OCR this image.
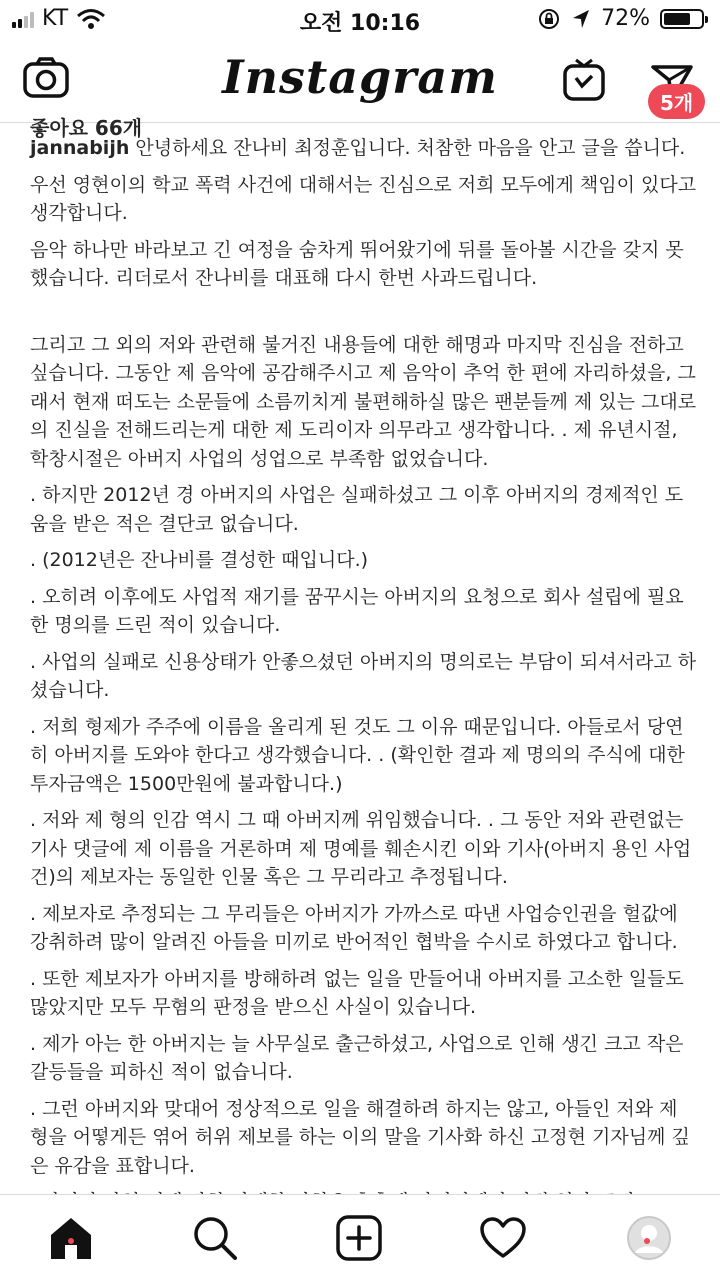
KT	오전 10:16	72%
Instagram	5개
좋아요 66개

jannabijh 안녕하세요 잔나비 최정훈입니다. 처참한 마음을 안고 글을 씁니다.

우선 영현이의 학교 폭력 사건에 대해서는 진심으로 저희 모두에게 책임이 있다고 생각합니다.

음악 하나만 바라보고 긴 여정을 숨차게 뛰어왔기에 뒤를 돌아볼 시간을 갖지 못했습니다. 리더로서 잔나비를 대표해 다시 한번 사과드립니다.

그리고 그 외의 저와 관련해 불거진 내용들에 대한 해명과 마지막 진심을 전하고 싶습니다. 그동안 제 음악에 공감해주시고 제 음악이 추억 한 편에 자리하셨을, 그래서 현재 떠도는 소문들에 소름끼치게 불편해하실 많은 팬분들께 제 있는 그대로의 진실을 전해드리는게 대한 제 도리이자 의무라고 생각합니다. . 제 유년시절, 학창시절은 아버지 사업의 성업으로 부족함 없었습니다.

. 하지만 2012년 경 아버지의 사업은 실패하셨고 그 이후 아버지의 경제적인 도움을 받은 적은 결단코 없습니다.

. (2012년은 잔나비를 결성한 때입니다.)

. 오히려 이후에도 사업적 재기를 꿈꾸시는 아버지의 요청으로 회사 설립에 필요한 명의를 드린 적이 있습니다.

. 사업의 실패로 신용상태가 안좋으셨던 아버지의 명의로는 부담이 되셔서라고 하셨습니다.

. 저희 형제가 주주에 이름을 올리게 된 것도 그 이유 때문입니다. 아들로서 당연히 아버지를 도와야 한다고 생각했습니다. . (확인한 결과 제 명의의 주식에 대한 투자금액은 1500만원에 불과합니다.)

. 저와 제 형의 인감 역시 그 때 아버지께 위임했습니다. . 그 동안 저와 관련없는 기사 댓글에 제 이름을 거론하며 제 명예를 훼손시킨 이와 기사(아버지 용인 사업건)의 제보자는 동일한 인물 혹은 그 무리라고 추정됩니다.

. 제보자로 추정되는 그 무리들은 아버지가 가까스로 따낸 사업승인권을 헐값에 강취하려 많이 알려진 아들을 미끼로 반어적인 협박을 수시로 하였다고 합니다.

. 또한 제보자가 아버지를 방해하려 없는 일을 만들어내 아버지를 고소한 일들도 많았지만 모두 무혐의 판정을 받으신 사실이 있습니다.

. 제가 아는 한 아버지는 늘 사무실로 출근하셨고, 사업으로 인해 생긴 크고 작은 갈등들을 피하신 적이 없습니다.

. 그런 아버지와 맞대어 정상적으로 일을 해결하려 하지는 않고, 아들인 저와 제 형을 어떻게든 엮어 허위 제보를 하는 이의 말을 기사화 하신 고정현 기자님께 깊은 유감을 표합니다.
